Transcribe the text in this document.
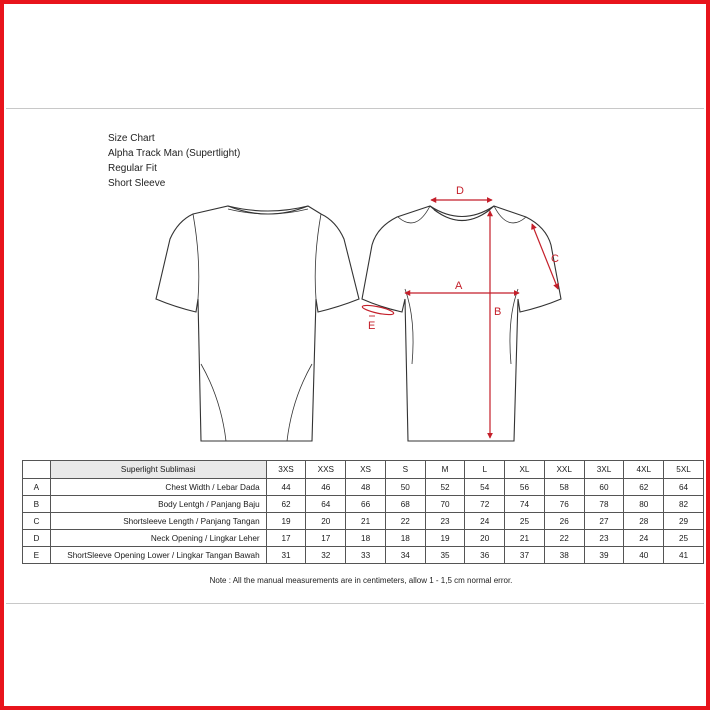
Size Chart
Alpha Track Man (Supertlight)
Regular Fit
Short Sleeve
D
A
B
C
E
	Superlight Sublimasi	3XS	XXS	XS	S	M	L	XL	XXL	3XL	4XL	5XL
A	Chest Width / Lebar Dada	44	46	48	50	52	54	56	58	60	62	64
B	Body Lentgh / Panjang Baju	62	64	66	68	70	72	74	76	78	80	82
C	Shortsleeve Length / Panjang Tangan	19	20	21	22	23	24	25	26	27	28	29
D	Neck Opening / Lingkar Leher	17	17	18	18	19	20	21	22	23	24	25
E	ShortSleeve Opening Lower / Lingkar Tangan Bawah	31	32	33	34	35	36	37	38	39	40	41
Note : All the manual measurements are in centimeters, allow 1 - 1,5 cm normal error.
